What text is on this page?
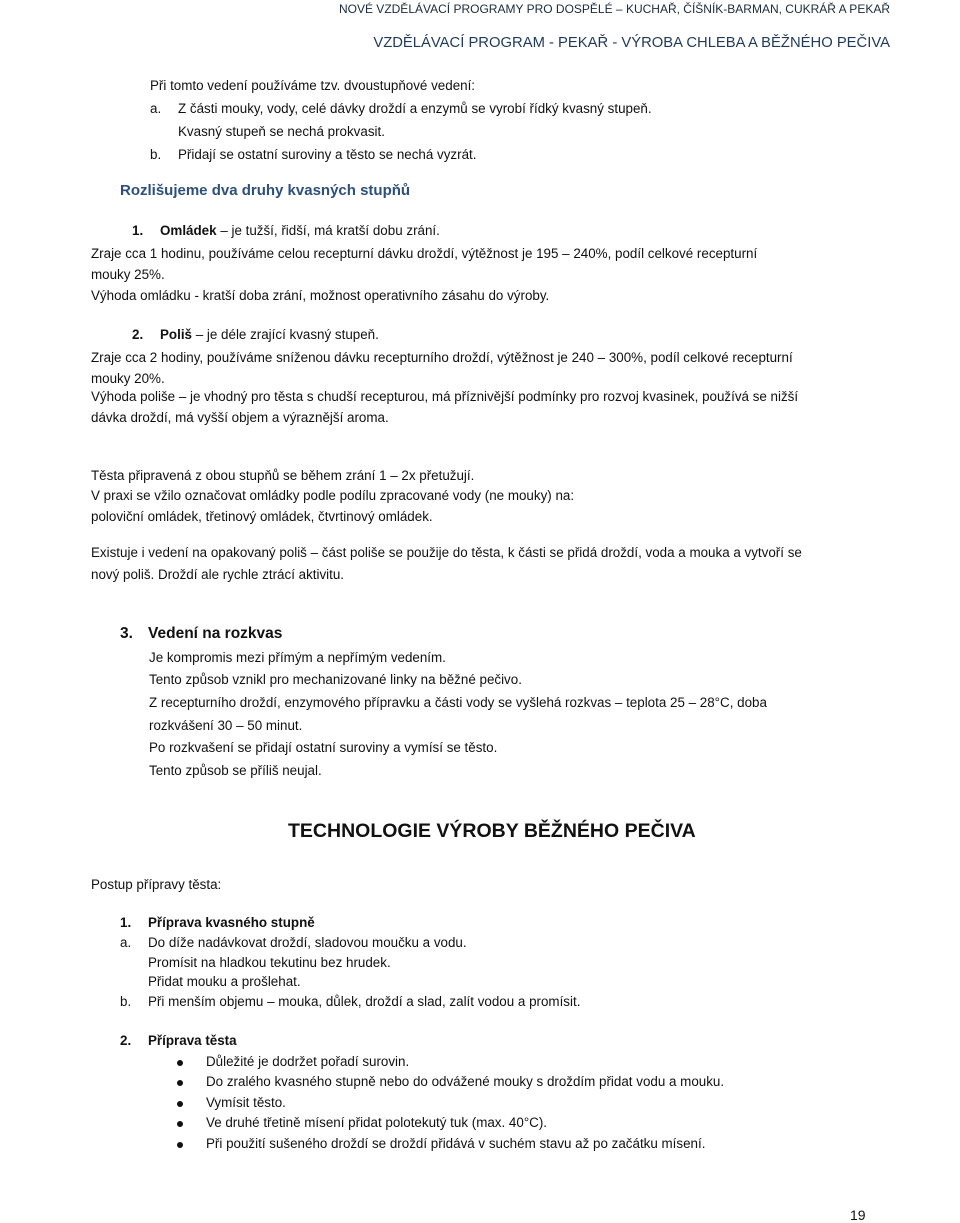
NOVÉ VZDĚLÁVACÍ PROGRAMY PRO DOSPĚLÉ – KUCHAŘ, ČÍŠNÍK-BARMAN, CUKRÁŘ A PEKAŘ
VZDĚLÁVACÍ PROGRAM - PEKAŘ - VÝROBA CHLEBA A BĚŽNÉHO PEČIVA
Při tomto vedení používáme tzv. dvoustupňové vedení:
a. Z části mouky, vody, celé dávky droždí a enzymů se vyrobí řídký kvasný stupeň.
Kvasný stupeň se nechá prokvasit.
b. Přidají se ostatní suroviny a těsto se nechá vyzrát.
Rozlišujeme dva druhy kvasných stupňů
1. Omládek – je tužší, řidší, má kratší dobu zrání.
Zraje cca 1 hodinu, používáme celou recepturní dávku droždí, výtěžnost je 195 – 240%, podíl celkové recepturní
mouky 25%.
Výhoda omládku - kratší doba zrání, možnost operativního zásahu do výroby.
2. Poliš – je déle zrající kvasný stupeň.
Zraje cca 2 hodiny, používáme sníženou dávku recepturního droždí, výtěžnost je 240 – 300%, podíl celkové recepturní
mouky 20%.
Výhoda poliše – je vhodný pro těsta s chudší recepturou, má příznivější podmínky pro rozvoj kvasinek, používá se nižší
dávka droždí, má vyšší objem a výraznější aroma.
Těsta připravená z obou stupňů se během zrání 1 – 2x přetužují.
V praxi se vžilo označovat omládky podle podílu zpracované vody (ne mouky) na:
poloviční omládek, třetinový omládek, čtvrtinový omládek.
Existuje i vedení na opakovaný poliš – část poliše se použije do těsta, k části se přidá droždí, voda a mouka a vytvoří se
nový poliš. Droždí ale rychle ztrácí aktivitu.
3. Vedení na rozkvas
Je kompromis mezi přímým a nepřímým vedením.
Tento způsob vznikl pro mechanizované linky na běžné pečivo.
Z recepturního droždí, enzymového přípravku a části vody se vyšlehá rozkvas – teplota 25 – 28°C, doba
rozkvášení 30 – 50 minut.
Po rozkvašení se přidají ostatní suroviny a vymísí se těsto.
Tento způsob se příliš neujal.
TECHNOLOGIE VÝROBY BĚŽNÉHO PEČIVA
Postup přípravy těsta:
1. Příprava kvasného stupně
a. Do díže nadávkovat droždí, sladovou moučku a vodu.
Promísit na hladkou tekutinu bez hrudek.
Přidat mouku a prošlehat.
b. Při menším objemu – mouka, důlek, droždí a slad, zalít vodou a promísit.
2. Příprava těsta
Důležité je dodržet pořadí surovin.
Do zralého kvasného stupně nebo do odvážené mouky s droždím přidat vodu a mouku.
Vymísit těsto.
Ve druhé třetině mísení přidat polotekutý tuk (max. 40°C).
Při použití sušeného droždí se droždí přidává v suchém stavu až po začátku mísení.
19
